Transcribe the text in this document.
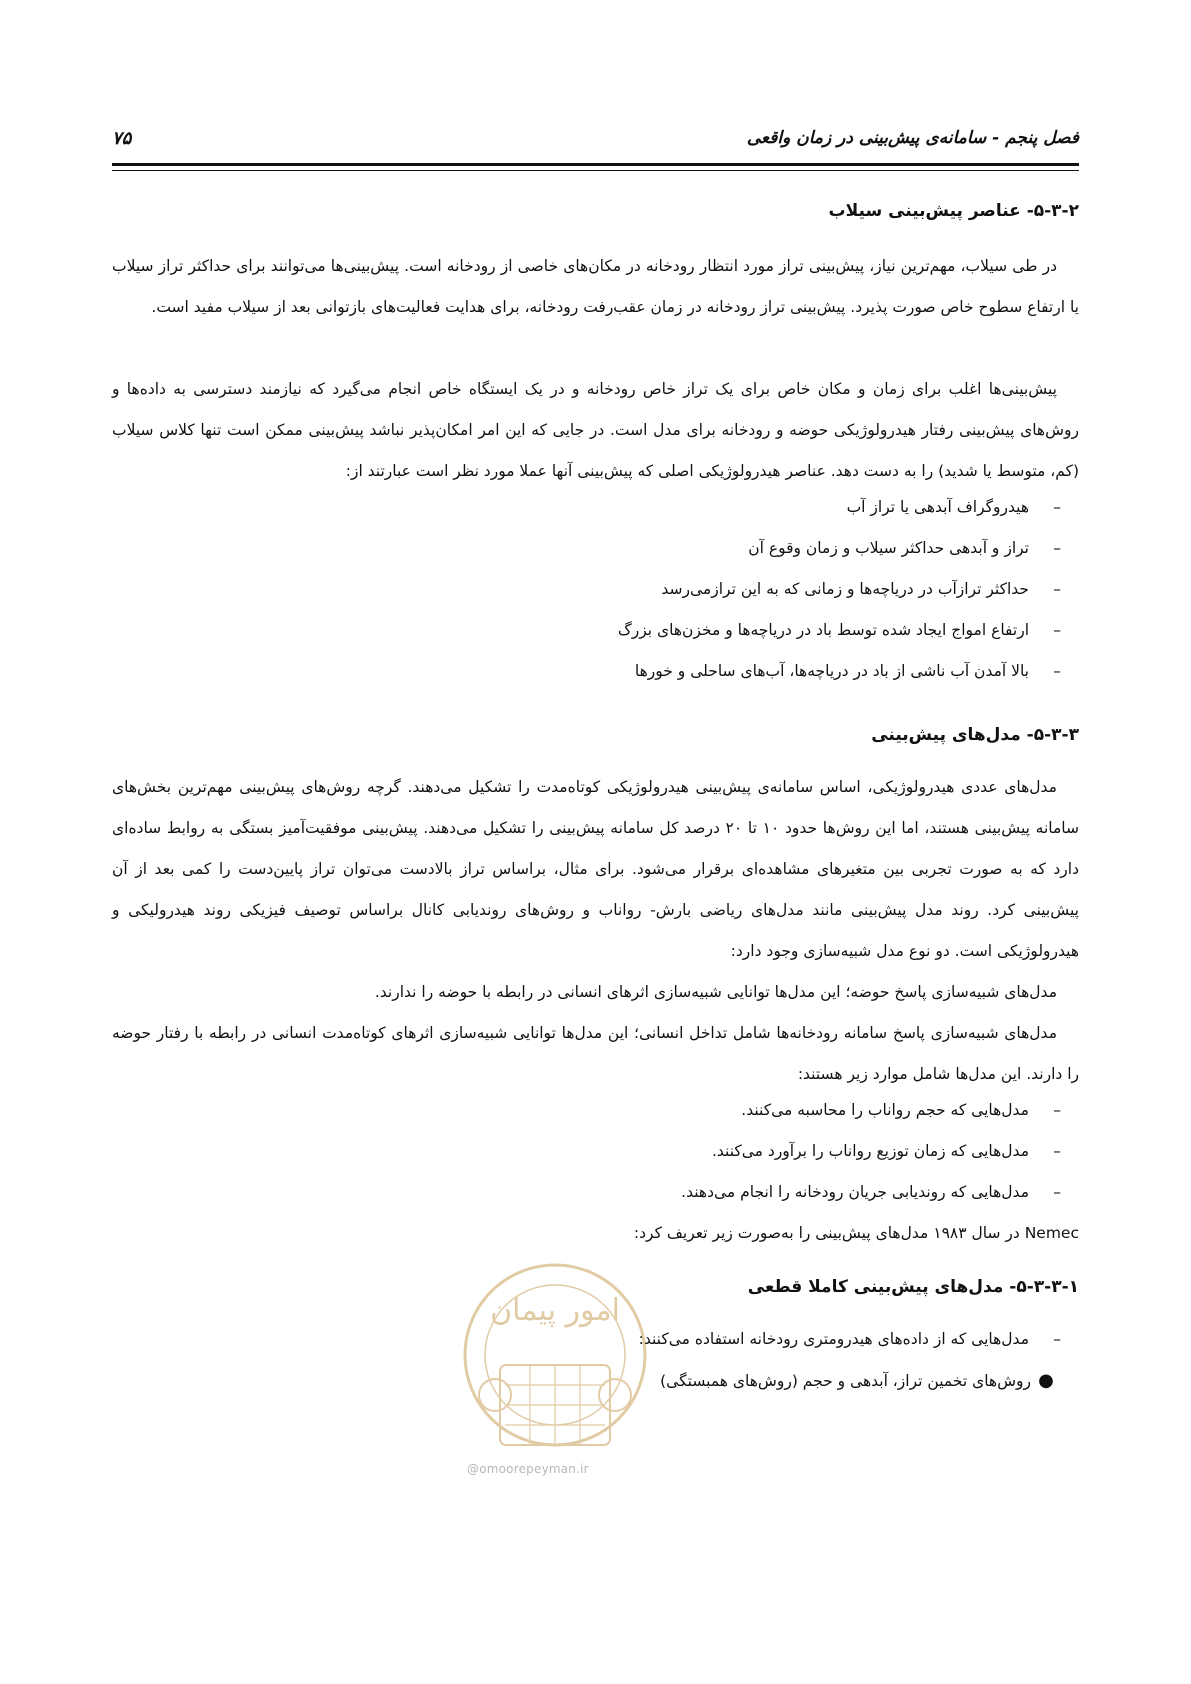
فصل پنجم - سامانه‌ی پیش‌بینی در زمان واقعی
۷۵
۵-۳-۲- عناصر پیش‌بینی سیلاب
در طی سیلاب، مهم‌ترین نیاز، پیش‌بینی تراز مورد انتظار رودخانه در مکان‌های خاصی از رودخانه است. پیش‌بینی‌ها می‌توانند برای حداکثر تراز سیلاب یا ارتفاع سطوح خاص صورت پذیرد. پیش‌بینی تراز رودخانه در زمان عقب‌رفت رودخانه، برای هدایت فعالیت‌های بازتوانی بعد از سیلاب مفید است.
پیش‌بینی‌ها اغلب برای زمان و مکان خاص برای یک تراز خاص رودخانه و در یک ایستگاه خاص انجام می‌گیرد که نیازمند دسترسی به داده‌ها و روش‌های پیش‌بینی رفتار هیدرولوژیکی حوضه و رودخانه برای مدل است. در جایی که این امر امکان‌پذیر نباشد پیش‌بینی ممکن است تنها کلاس سیلاب (کم، متوسط یا شدید) را به دست دهد. عناصر هیدرولوژیکی اصلی که پیش‌بینی آنها عملا مورد نظر است عبارتند از:
–هیدروگراف آبدهی یا تراز آب
–تراز و آبدهی حداکثر سیلاب و زمان وقوع آن
–حداکثر ترازآب در دریاچه‌ها و زمانی که به این ترازمی‌رسد
–ارتفاع امواج ایجاد شده توسط باد در دریاچه‌ها و مخزن‌های بزرگ
–بالا آمدن آب ناشی از باد در دریاچه‌ها، آب‌های ساحلی و خورها
۵-۳-۳- مدل‌های پیش‌بینی
مدل‌های عددی هیدرولوژیکی، اساس سامانه‌ی پیش‌بینی هیدرولوژیکی کوتاه‌مدت را تشکیل می‌دهند. گرچه روش‌های پیش‌بینی مهم‌ترین بخش‌های سامانه پیش‌بینی هستند، اما این روش‌ها حدود ۱۰ تا ۲۰ درصد کل سامانه پیش‌بینی را تشکیل می‌دهند. پیش‌بینی موفقیت‌آمیز بستگی به روابط ساده‌ای دارد که به صورت تجربی بین متغیرهای مشاهده‌ای برقرار می‌شود. برای مثال، براساس تراز بالادست می‌توان تراز پایین‌دست را کمی بعد از آن پیش‌بینی کرد. روند مدل پیش‌بینی مانند مدل‌های ریاضی بارش- رواناب و روش‌های روندیابی کانال براساس توصیف فیزیکی روند هیدرولیکی و هیدرولوژیکی است. دو نوع مدل شبیه‌سازی وجود دارد:
مدل‌های شبیه‌سازی پاسخ حوضه؛ این مدل‌ها توانایی شبیه‌سازی اثرهای انسانی در رابطه با حوضه را ندارند.
مدل‌های شبیه‌سازی پاسخ سامانه رودخانه‌ها شامل تداخل انسانی؛ این مدل‌ها توانایی شبیه‌سازی اثرهای کوتاه‌مدت انسانی در رابطه با رفتار حوضه را دارند. این مدل‌ها شامل موارد زیر هستند:
–مدل‌هایی که حجم رواناب را محاسبه می‌کنند.
–مدل‌هایی که زمان توزیع رواناب را برآورد می‌کنند.
–مدل‌هایی که روندیابی جریان رودخانه را انجام می‌دهند.
Nemec در سال ۱۹۸۳ مدل‌های پیش‌بینی را به‌صورت زیر تعریف کرد:
۵-۳-۳-۱- مدل‌های پیش‌بینی کاملا قطعی
–مدل‌هایی که از داده‌های هیدرومتری رودخانه استفاده می‌کنند:
●روش‌های تخمین تراز، آبدهی و حجم (روش‌های همبستگی)
امور پیمان
@omoorepeyman.ir
